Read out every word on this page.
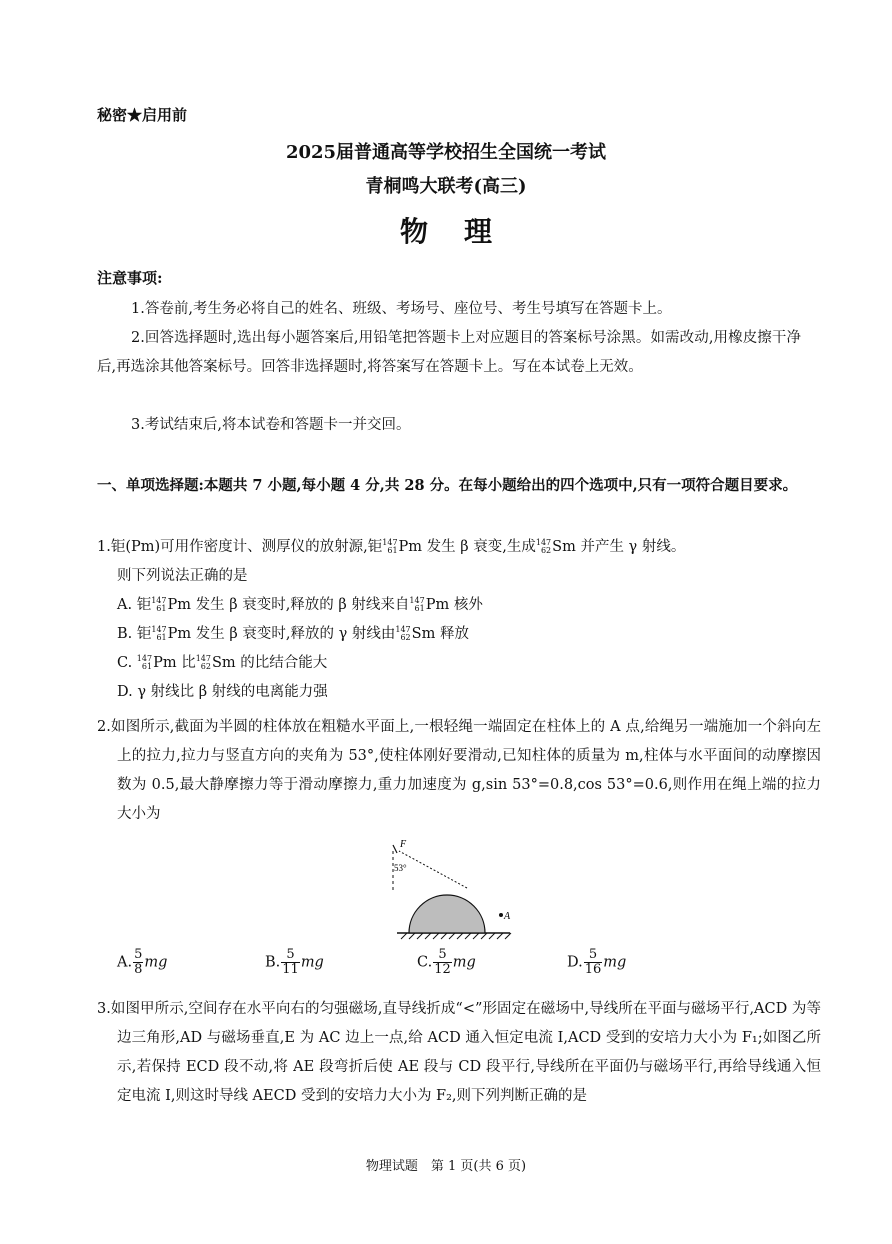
秘密★启用前
2025届普通高等学校招生全国统一考试
青桐鸣大联考(高三)
物理
注意事项:
1.答卷前,考生务必将自己的姓名、班级、考场号、座位号、考生号填写在答题卡上。
2.回答选择题时,选出每小题答案后,用铅笔把答题卡上对应题目的答案标号涂黑。如需改动,用橡皮擦干净后,再选涂其他答案标号。回答非选择题时,将答案写在答题卡上。写在本试卷上无效。
3.考试结束后,将本试卷和答题卡一并交回。
一、单项选择题:本题共 7 小题,每小题 4 分,共 28 分。在每小题给出的四个选项中,只有一项符合题目要求。
1.钜(Pm)可用作密度计、测厚仪的放射源,钜 147
61 Pm 发生 β 衰变,生成 147
62 Sm 并产生 γ 射线。
则下列说法正确的是
A. 钜 147
61 Pm 发生 β 衰变时,释放的 β 射线来自 147
61 Pm 核外
B. 钜 147
61 Pm 发生 β 衰变时,释放的 γ 射线由 147
62 Sm 释放
C. 147
61 Pm 比 147
62 Sm 的比结合能大
D. γ 射线比 β 射线的电离能力强
2.如图所示,截面为半圆的柱体放在粗糙水平面上,一根轻绳一端固定在柱体上的 A 点,给绳另一端施加一个斜向左上的拉力,拉力与竖直方向的夹角为 53°,使柱体刚好要滑动,已知柱体的质量为 m,柱体与水平面间的动摩擦因数为 0.5,最大静摩擦力等于滑动摩擦力,重力加速度为 g,sin 53°=0.8,cos 53°=0.6,则作用在绳上端的拉力大小为
F
53°
A
A. $\frac{5}{8}$ mg	B. $\frac{5}{11}$ mg	C. $\frac{5}{12}$ mg	D. $\frac{5}{16}$ mg
3.如图甲所示,空间存在水平向右的匀强磁场,直导线折成“<”形固定在磁场中,导线所在平面与磁场平行,ACD 为等边三角形,AD 与磁场垂直,E 为 AC 边上一点,给 ACD 通入恒定电流 I,ACD 受到的安培力大小为 F₁;如图乙所示,若保持 ECD 段不动,将 AE 段弯折后使 AE 段与 CD 段平行,导线所在平面仍与磁场平行,再给导线通入恒定电流 I,则这时导线 AECD 受到的安培力大小为 F₂,则下列判断正确的是
物理试题　第 1 页(共 6 页)
